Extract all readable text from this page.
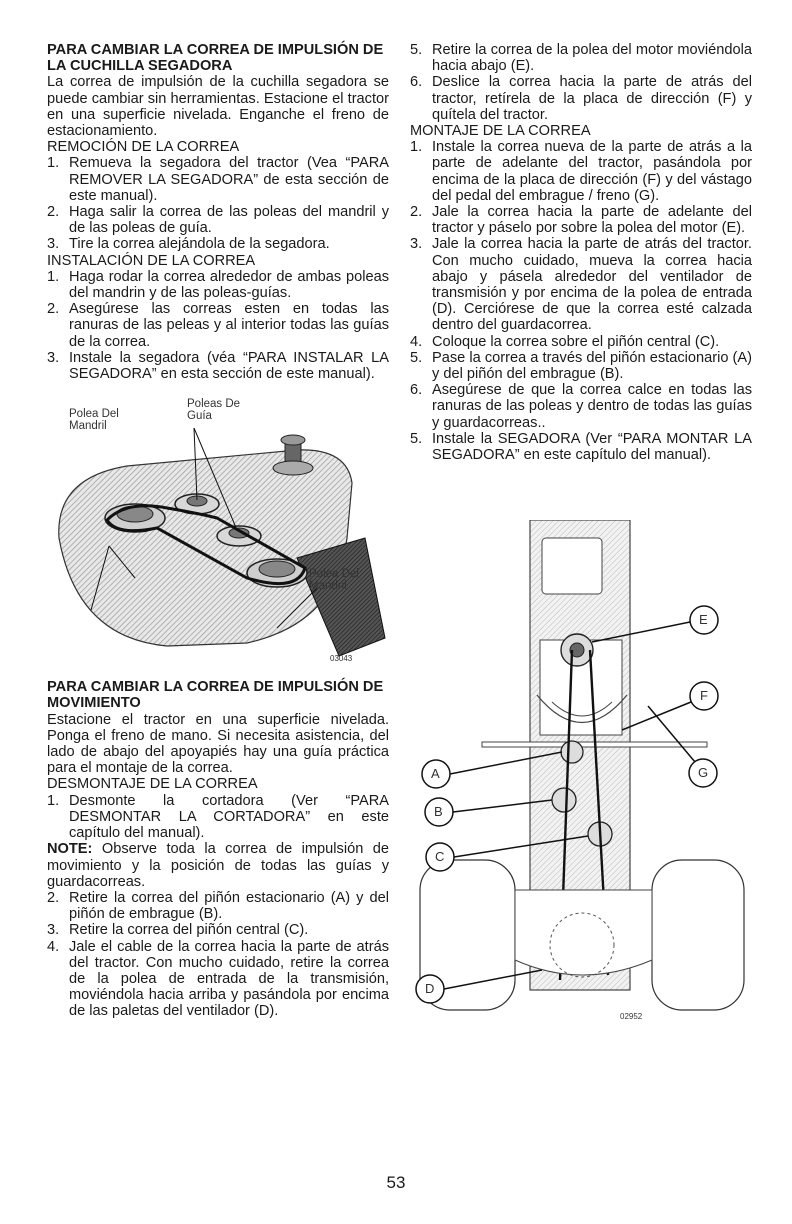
PARA CAMBIAR LA CORREA DE IMPULSIÓN DE LA CUCHILLA SEGADORA

La correa de impulsión de la cuchilla segadora se puede cambiar sin herramientas. Estacione el tractor en una superficie nivelada. Enganche el freno de estacionamiento.

REMOCIÓN DE LA CORREA

1. Remueva la segadora del tractor (Vea “PARA REMOVER LA SEGADORA” de esta sección de este manual).
2. Haga salir la correa de las poleas del mandril y de las poleas de guía.
3. Tire la correa alejándola de la segadora.

INSTALACIÓN DE LA CORREA

1. Haga rodar la correa alrededor de ambas poleas del mandrin y de las poleas-guías.
2. Asegúrese las correas esten en todas las ranuras de las peleas y al interior todas las guías de la correa.
3. Instale la segadora (véa “PARA INSTALAR LA SEGADORA” en esta sección de este manual).
Polea Del Mandril
Poleas De Guía
Polea Del Mandril
03043
PARA CAMBIAR LA CORREA DE IMPULSIÓN DE MOVIMIENTO

Estacione el tractor en una superficie nivelada. Ponga el freno de mano. Si necesita asistencia, del lado de abajo del apoyapiés hay una guía práctica para el montaje de la correa.

DESMONTAJE DE LA CORREA

1. Desmonte la cortadora (Ver “PARA DESMONTAR LA CORTADORA” en este capítulo del manual).

NOTE: Observe toda la correa de impulsión de movimiento y la posición de todas las guías y guardacorreas.

2. Retire la correa del piñón estacionario (A) y del piñón de embrague (B).
3. Retire la correa del piñón central (C).
4. Jale el cable de la correa hacia la parte de atrás del tractor. Con mucho cuidado, retire la correa de la polea de entrada de la transmisión, moviéndola hacia arriba y pasándola por encima de las paletas del ventilador (D).
5. Retire la correa de la polea del motor moviéndola hacia abajo (E).
6. Deslice la correa hacia la parte de atrás del tractor, retírela de la placa de dirección (F) y quítela del tractor.

MONTAJE DE LA CORREA

1. Instale la correa nueva de la parte de atrás a la parte de adelante del tractor, pasándola por encima de la placa de dirección (F) y del vástago del pedal del embrague / freno (G).
2. Jale la correa hacia la parte de adelante del tractor y páselo por sobre la polea del motor (E).
3. Jale la correa hacia la parte de atrás del tractor. Con mucho cuidado, mueva la correa hacia abajo y pásela alrededor del ventilador de transmisión y por encima de la polea de entrada (D). Cerciórese de que la correa esté calzada dentro del guardacorrea.
4. Coloque la correa sobre el piñón central (C).
5. Pase la correa a través del piñón estacionario (A) y del piñón del embrague (B).
6. Asegúrese de que la correa calce en todas las ranuras de las poleas y dentro de todas las guías y guardacorreas..
5. Instale la SEGADORA (Ver “PARA MONTAR LA SEGADORA” en este capítulo del manual).
E
F
A	G
B
C
D
02952
53
